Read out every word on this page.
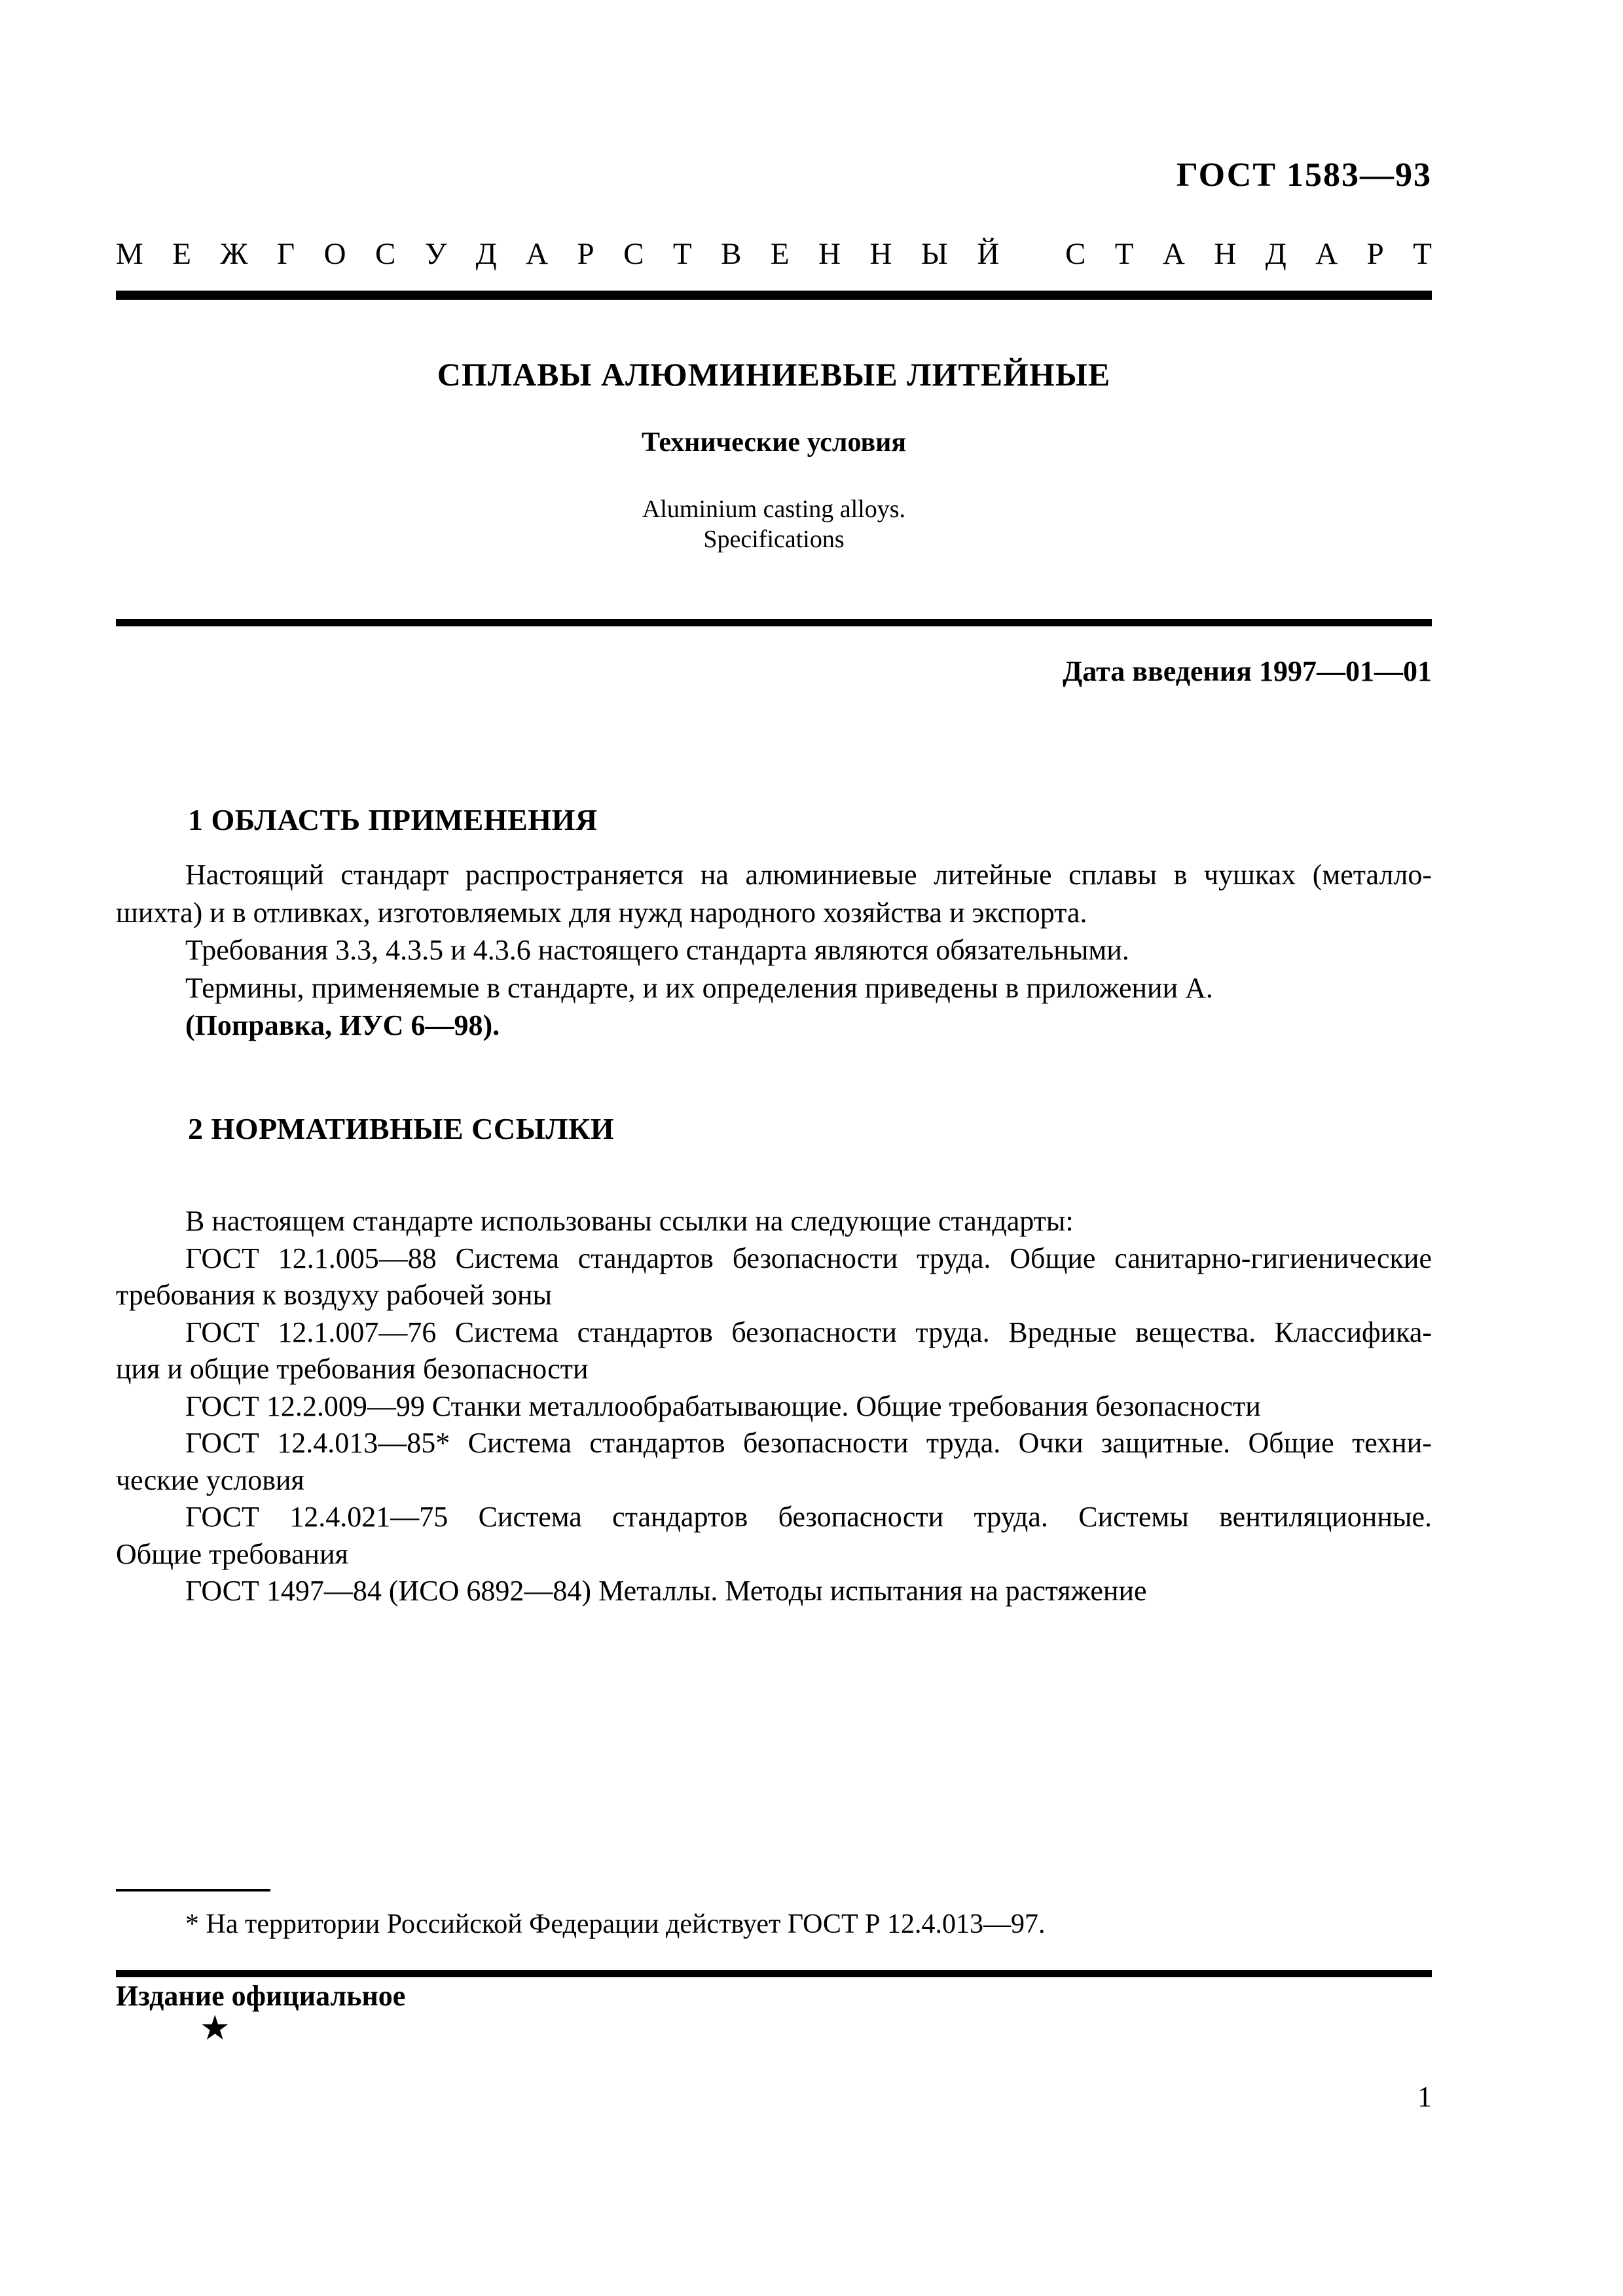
ГОСТ 1583—93
М Е Ж Г О С У Д А Р С Т В Е Н Н Ы Й
С Т А Н Д А Р Т
СПЛАВЫ АЛЮМИНИЕВЫЕ ЛИТЕЙНЫЕ
Технические условия
Aluminium casting alloys.
Specifications
Дата введения 1997—01—01
1 ОБЛАСТЬ ПРИМЕНЕНИЯ
Настоящий стандарт распространяется на алюминиевые литейные сплавы в чушках (металло-
шихта) и в отливках, изготовляемых для нужд народного хозяйства и экспорта.
Требования 3.3, 4.3.5 и 4.3.6 настоящего стандарта являются обязательными.
Термины, применяемые в стандарте, и их определения приведены в приложении А.
(Поправка, ИУС 6—98).
2 НОРМАТИВНЫЕ ССЫЛКИ
В настоящем стандарте использованы ссылки на следующие стандарты:
ГОСТ 12.1.005—88 Система стандартов безопасности труда. Общие санитарно-гигиенические
требования к воздуху рабочей зоны
ГОСТ 12.1.007—76 Система стандартов безопасности труда. Вредные вещества. Классифика-
ция и общие требования безопасности
ГОСТ 12.2.009—99 Станки металлообрабатывающие. Общие требования безопасности
ГОСТ 12.4.013—85* Система стандартов безопасности труда. Очки защитные. Общие техни-
ческие условия
ГОСТ 12.4.021—75 Система стандартов безопасности труда. Системы вентиляционные.
Общие требования
ГОСТ 1497—84 (ИСО 6892—84) Металлы. Методы испытания на растяжение
* На территории Российской Федерации действует ГОСТ Р 12.4.013—97.
Издание официальное
★
1
